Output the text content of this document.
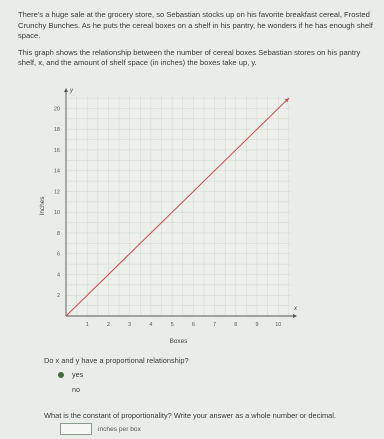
There's a huge sale at the grocery store, so Sebastian stocks up on his favorite breakfast cereal, Frosted Crunchy Bunches. As he puts the cereal boxes on a shelf in his pantry, he wonders if he has enough shelf space.

This graph shows the relationship between the number of cereal boxes Sebastian stores on his pantry shelf, x, and the amount of shelf space (in inches) the boxes take up, y.

x
y
1	2	3	4	5	6	7	8	9	10
2
4
6
8
10
12
14
16
18
20
Boxes
Inches
Do x and y have a proportional relationship?
yes
no
What is the constant of proportionality? Write your answer as a whole number or decimal.
inches per box
